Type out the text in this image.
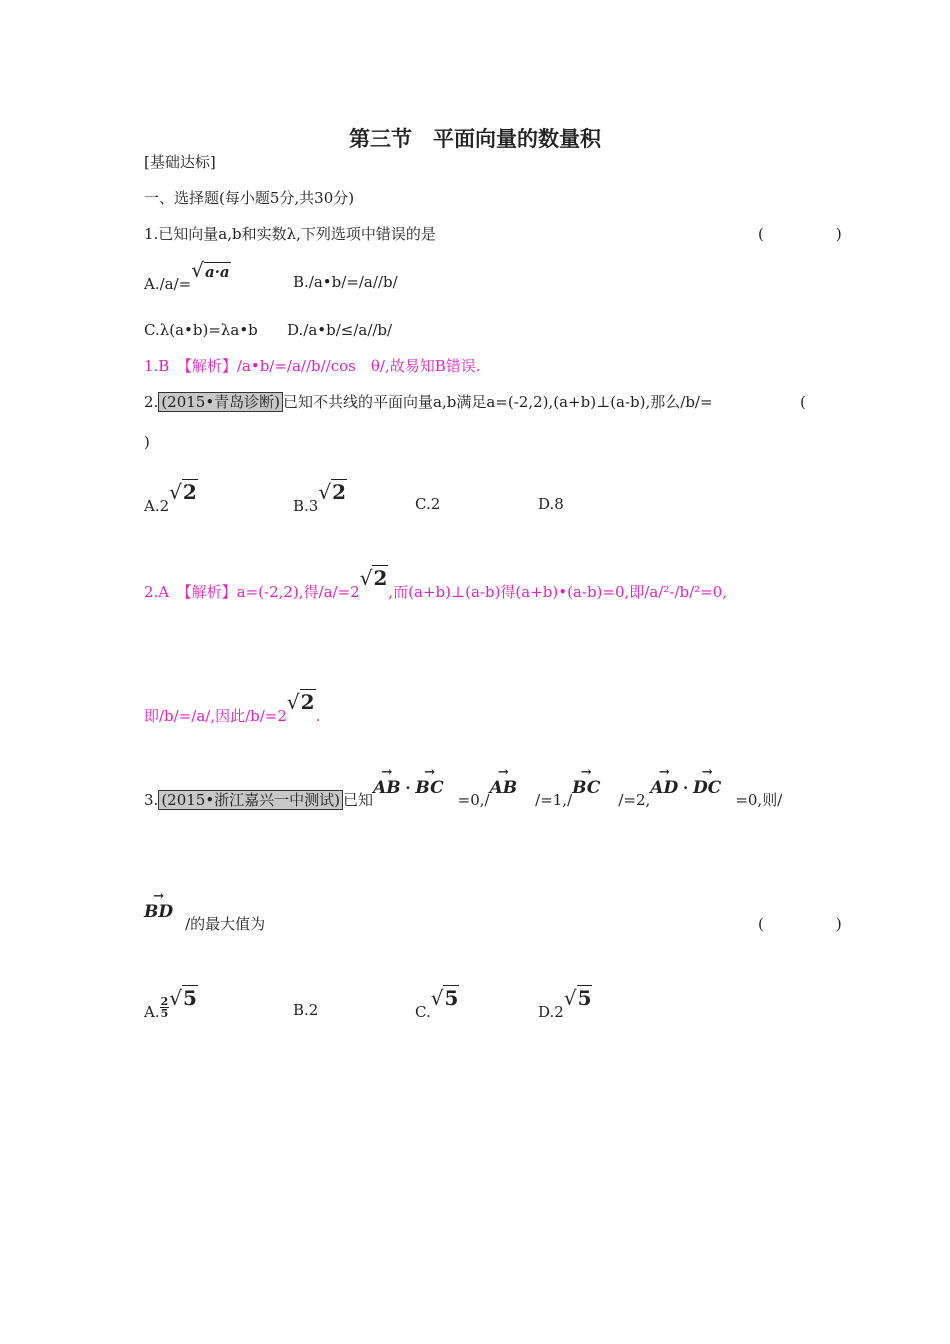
第三节　平面向量的数量积
[基础达标]
一、选择题(每小题5分,共30分)
1.已知向量a,b和实数λ,下列选项中错误的是	(　　)
A./a/=√a·a
B./a•b/=/a//b/
C.λ(a•b)=λa•b D./a•b/≤/a//b/
1.B　【解析】/a•b/=/a//b//cos　θ/,故易知B错误.
2. (2015•青岛诊断) 已知不共线的平面向量a,b满足a=(-2,2),(a+b)⊥(a-b),那么/b/=	(
)
A.2√2
B.3√2	C.2	D.8
2.A　【解析】a=(-2,2),得/a/=2√2,而(a+b)⊥(a-b)得(a+b)•(a-b)=0,即/a/²-/b/²=0,
即/b/=/a/,因此/b/=2√2.
3. (2015•浙江嘉兴一中测试) 已知→ AB · → BC=0,/→ AB/=1,/→ BC/=2,→ AD · → DC=0,则/
→ BD/的最大值为	(　　)
A. $\frac{2}{5} √5$	B.2	C.√5
D.2√5
